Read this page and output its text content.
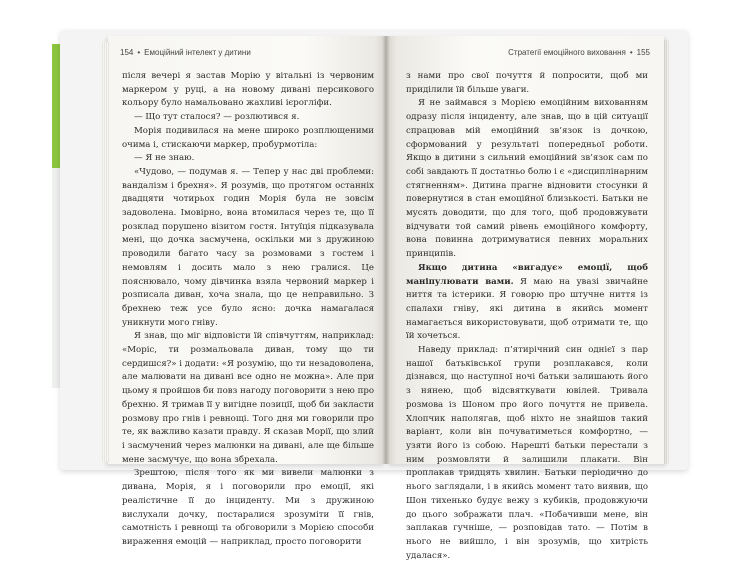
154 • Емоційний інтелект у дитини

після вечері я застав Морію у вітальні із червоним маркером у руці, а на новому дивані персикового кольору було намальовано жахливі ієрогліфи.

— Що тут сталося? — розлютився я.

Морія подивилася на мене широко розплющеними очима і, стискаючи маркер, пробурмотіла:

— Я не знаю.

«Чудово, — подумав я. — Тепер у нас дві проблеми: вандалізм і брехня». Я розумів, що протягом останніх двадцяти чотирьох годин Морія була не зовсім задоволена. Імовірно, вона втомилася через те, що її розклад порушено візитом гостя. Інтуїція підказувала мені, що дочка засмучена, оскільки ми з дружиною проводили багато часу за розмовами з гостем і немовлям і досить мало з нею гралися. Це пояснювало, чому дівчинка взяла червоний маркер і розписала диван, хоча знала, що це неправильно. З брехнею теж усе було ясно: дочка намагалася уникнути мого гніву.

Я знав, що міг відповісти їй співчуттям, наприклад: «Моріс, ти розмальовала диван, тому що ти сердишся?» і додати: «Я розумію, що ти незадоволена, але малювати на дивані все одно не можна». Але при цьому я пройшов би повз нагоду поговорити з нею про брехню. Я тримав її у вигідне позиції, щоб би закласти розмову про гнів і ревнощі. Того дня ми говорили про те, як важливо казати правду. Я сказав Морії, що злий і засмучений через малюнки на дивані, але ще більше мене засмучує, що вона збрехала.

Зрештою, після того як ми вивели малюнки з дивана, Морія, я і поговорили про емоції, які реалістичне її до інциденту. Ми з дружиною вислухали дочку, постаралися зрозуміти її гнів, самотність і ревнощі та обговорили з Морією способи вираження емоцій — наприклад, просто поговорити

Стратегії емоційного виховання • 155

з нами про свої почуття й попросити, щоб ми приділили їй більше уваги.

Я не займався з Морією емоційним вихованням одразу після інциденту, але знав, що в цій ситуації спрацював мій емоційний зв’язок із дочкою, сформований у результаті попередньої роботи. Якщо в дитини з сильний емоційний зв’язок сам по собі завдають її достатньо болю і є «дисциплінарним стягненням». Дитина прагне відновити стосунки й повернутися в стан емоційної близькості. Батьки не мусять доводити, що для того, щоб продовжувати відчувати той самий рівень емоційного комфорту, вона повинна дотримуватися певних моральних принципів.

Якщо дитина «вигадує» емоції, щоб маніпулювати вами. Я маю на увазі звичайне ниття та істерики. Я говорю про штучне ниття із спалахи гніву, які дитина в якийсь момент намагається використовувати, щоб отримати те, що їй хочеться.

Наведу приклад: п’ятирічний син однієї з пар нашої батьківської групи розплакався, коли дізнався, що наступної ночі батьки залишають його з нянею, щоб відсвяткувати ювілей. Тривала розмова із Шоном про його почуття не привела. Хлопчик наполягав, щоб ніхто не знайшов такий варіант, коли він почуватиметься комфортно, — узяти його із собою. Нарешті батьки перестали з ним розмовляти й залишили плакати. Він проплакав тридцять хвилин. Батьки періодично до нього заглядали, і в якийсь момент тато виявив, що Шон тихенько будує вежу з кубиків, продовжуючи до цього зображати плач. «Побачивши мене, він заплакав гучніше, — розповідав тато. — Потім в нього не вийшло, і він зрозумів, що хитрість удалася».
